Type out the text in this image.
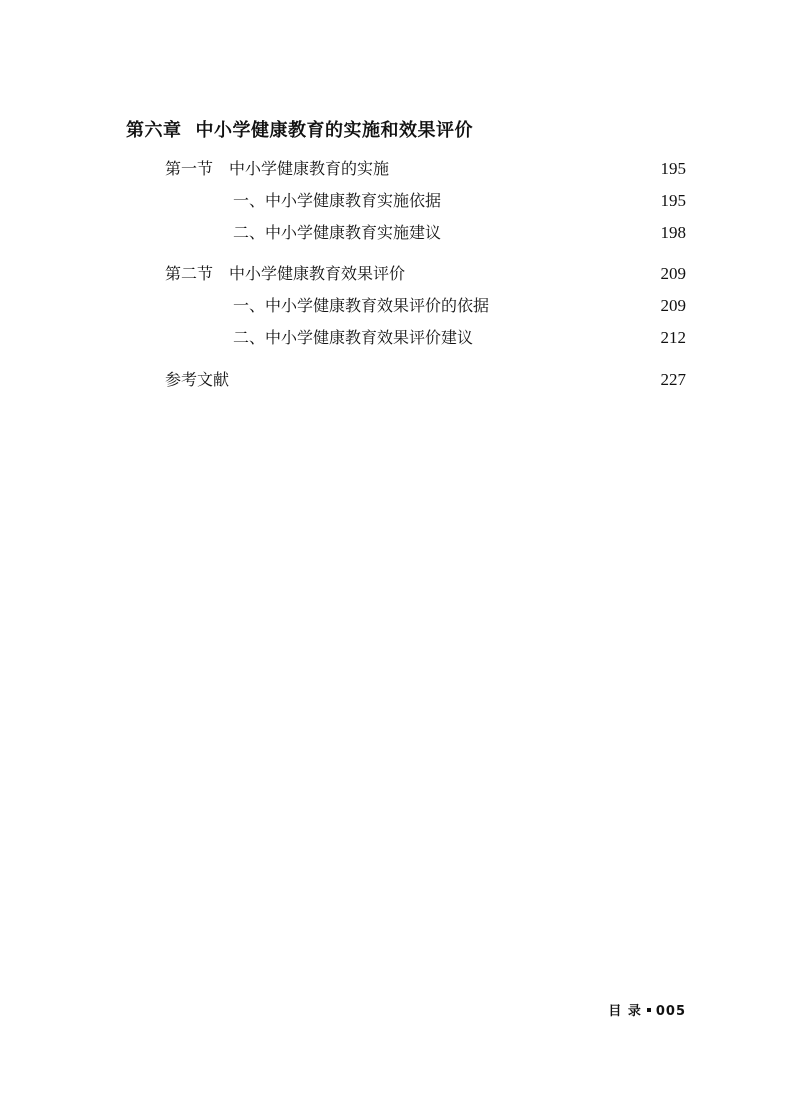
第六章 中小学健康教育的实施和效果评价
第一节 中小学健康教育的实施	195
一、中小学健康教育实施依据	195
二、中小学健康教育实施建议	198
第二节 中小学健康教育效果评价	209
一、中小学健康教育效果评价的依据	209
二、中小学健康教育效果评价建议	212
参考文献	227
目 录 005
